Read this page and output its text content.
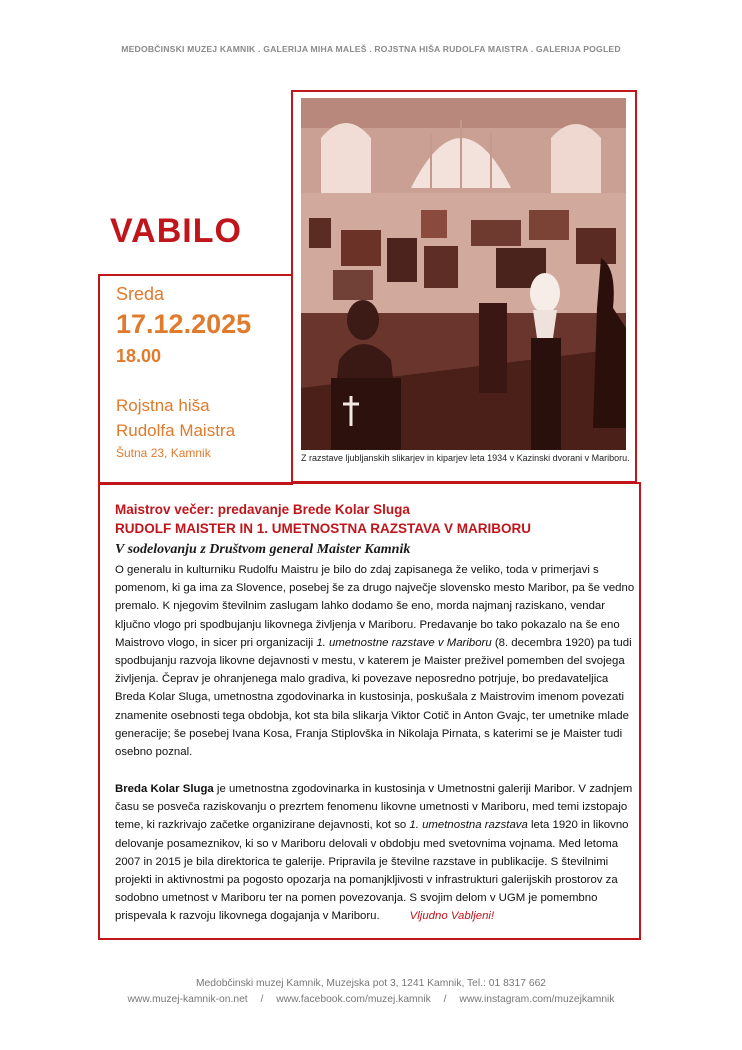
MEDOBČINSKI MUZEJ KAMNIK . GALERIJA MIHA MALEŠ . ROJSTNA HIŠA RUDOLFA MAISTRA . GALERIJA POGLED
Z razstave ljubljanskih slikarjev in kiparjev leta 1934 v Kazinski dvorani v Mariboru.
VABILO
Sreda
17.12.2025
18.00
Rojstna hiša
Rudolfa Maistra
Šutna 23, Kamnik
Maistrov večer: predavanje Brede Kolar Sluga
RUDOLF MAISTER IN 1. UMETNOSTNA RAZSTAVA V MARIBORU
V sodelovanju z Društvom general Maister Kamnik
O generalu in kulturniku Rudolfu Maistru je bilo do zdaj zapisanega že veliko, toda v primerjavi s pomenom, ki ga ima za Slovence, posebej še za drugo največje slovensko mesto Maribor, pa še vedno premalo. K njegovim številnim zaslugam lahko dodamo še eno, morda najmanj raziskano, vendar ključno vlogo pri spodbujanju likovnega življenja v Mariboru. Predavanje bo tako pokazalo na še eno Maistrovo vlogo, in sicer pri organizaciji 1. umetnostne razstave v Mariboru (8. decembra 1920) pa tudi spodbujanju razvoja likovne dejavnosti v mestu, v katerem je Maister preživel pomemben del svojega življenja. Čeprav je ohranjenega malo gradiva, ki povezave neposredno potrjuje, bo predavateljica Breda Kolar Sluga, umetnostna zgodovinarka in kustosinja, poskušala z Maistrovim imenom povezati znamenite osebnosti tega obdobja, kot sta bila slikarja Viktor Cotič in Anton Gvajc, ter umetnike mlade generacije; še posebej Ivana Kosa, Franja Stiplovška in Nikolaja Pirnata, s katerimi se je Maister tudi osebno poznal.
Breda Kolar Sluga je umetnostna zgodovinarka in kustosinja v Umetnostni galeriji Maribor. V zadnjem času se posveča raziskovanju o prezrtem fenomenu likovne umetnosti v Mariboru, med temi izstopajo teme, ki razkrivajo začetke organizirane dejavnosti, kot so 1. umetnostna razstava leta 1920 in likovno delovanje posameznikov, ki so v Mariboru delovali v obdobju med svetovnima vojnama. Med letoma 2007 in 2015 je bila direktorica te galerije. Pripravila je številne razstave in publikacije. S številnimi projekti in aktivnostmi pa pogosto opozarja na pomanjkljivosti v infrastrukturi galerijskih prostorov za sodobno umetnost v Mariboru ter na pomen povezovanja. S svojim delom v UGM je pomembno prispevala k razvoju likovnega dogajanja v Mariboru.	Vljudno Vabljeni!
Medobčinski muzej Kamnik, Muzejska pot 3, 1241 Kamnik, Tel.: 01 8317 662
www.muzej-kamnik-on.net / www.facebook.com/muzej.kamnik / www.instagram.com/muzejkamnik
